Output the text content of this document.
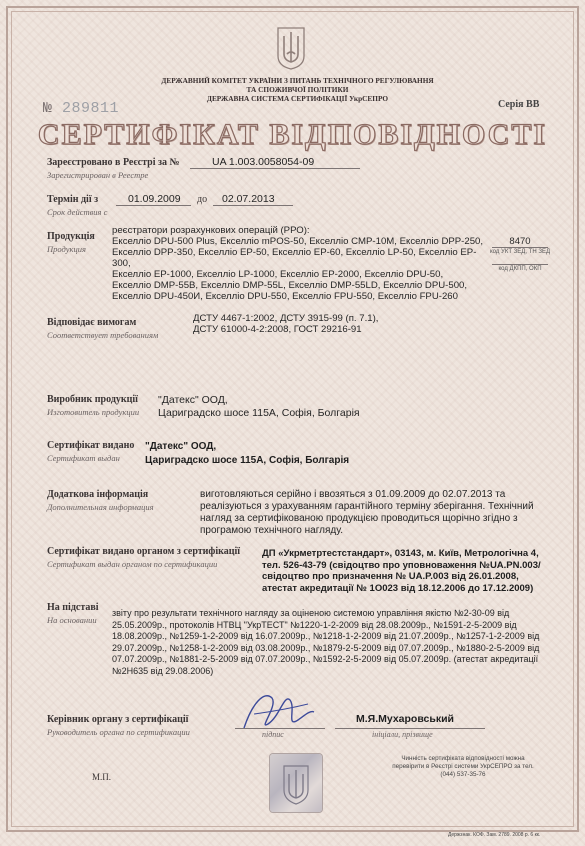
ДЕРЖАВНИЙ КОМІТЕТ УКРАЇНИ З ПИТАНЬ ТЕХНІЧНОГО РЕГУЛЮВАННЯ
ТА СПОЖИВЧОЇ ПОЛІТИКИ
ДЕРЖАВНА СИСТЕМА СЕРТИФІКАЦІЇ УкрСЕПРО
№ 289811	Серія ВВ
СЕРТИФІКАТ ВІДПОВІДНОСТІ
Зареєстровано в Реєстрі за №
Зарегистрирован в Реестре
UA 1.003.0058054-09
Термін дії з
Срок действия с
01.09.2009 до 02.07.2013
Продукція
Продукция
реєстратори розрахункових операцій (РРО):
Екселліо DPU-500 Plus, Екселліо mPOS-50, Екселліо CMP-10M, Екселліо DPP-250,
Екселліо DPP-350, Екселліо EP-50, Екселліо EP-60, Екселліо LP-50, Екселліо EP-300,
Екселліо EP-1000, Екселліо LP-1000, Екселліо EP-2000, Екселліо DPU-50,
Екселліо DMP-55B, Екселліо DMP-55L, Екселліо DMP-55LD, Екселліо DPU-500,
Екселліо DPU-450И, Екселліо DPU-550, Екселліо FPU-550, Екселліо FPU-260
8470
код УКТ ЗЕД, ТН ЗЕД
код ДКПП, ОКП
Відповідає вимогам
Соответствует требованиям
ДСТУ 4467-1:2002, ДСТУ 3915-99 (п. 7.1),
ДСТУ 61000-4-2:2008, ГОСТ 29216-91
Виробник продукції
Изготовитель продукции
"Датекс" ООД,
Цариградско шосе 115А, Софія, Болгарія
Сертифікат видано
Сертификат выдан
"Датекс" ООД,
Цариградско шосе 115А, Софія, Болгарія
Додаткова інформація
Дополнительная информация
виготовляються серійно і ввозяться з 01.09.2009 до 02.07.2013 та
реалізуються з урахуванням гарантійного терміну зберігання. Технічний
нагляд за сертифікованою продукцією проводиться щорічно згідно з
програмою технічного нагляду.
Сертифікат видано органом з сертифікації
Сертификат выдан органом по сертификации
ДП «Укрметртестстандарт», 03143, м. Київ, Метрологічна 4,
тел. 526-43-79 (свідоцтво про уповноваження №UA.PN.003/
свідоцтво про призначення № UA.P.003 від 26.01.2008,
атестат акредитації № 1О023 від 18.12.2006 до 17.12.2009)
На підставі
На основании
звіту про результати технічного нагляду за оціненою системою управління якістю №2-30-09 від
25.05.2009р., протоколів НТВЦ "УкрТЕСТ" №1220-1-2-2009 від 28.08.2009р., №1591-2-5-2009 від
18.08.2009р., №1259-1-2-2009 від 16.07.2009р., №1218-1-2-2009 від 21.07.2009р., №1257-1-2-2009 від
29.07.2009р., №1258-1-2-2009 від 03.08.2009р., №1879-2-5-2009 від 07.07.2009р., №1880-2-5-2009 від
07.07.2009р., №1881-2-5-2009 від 07.07.2009р., №1592-2-5-2009 від 05.07.2009р. (атестат акредитації
№2Н635 від 29.08.2006)
Керівник органу з сертифікації
Руководитель органа по сертификации	підпис
М.Я.Мухаровський
ініціали, прізвище
М.П.
Чинність сертифіката відповідності можна перевірити в Реєстрі системи УкрСЕПРО за тел. (044) 537-35-76
Держзнак. КОФ. Зам. 2789. 2008 р. 6 кк.
